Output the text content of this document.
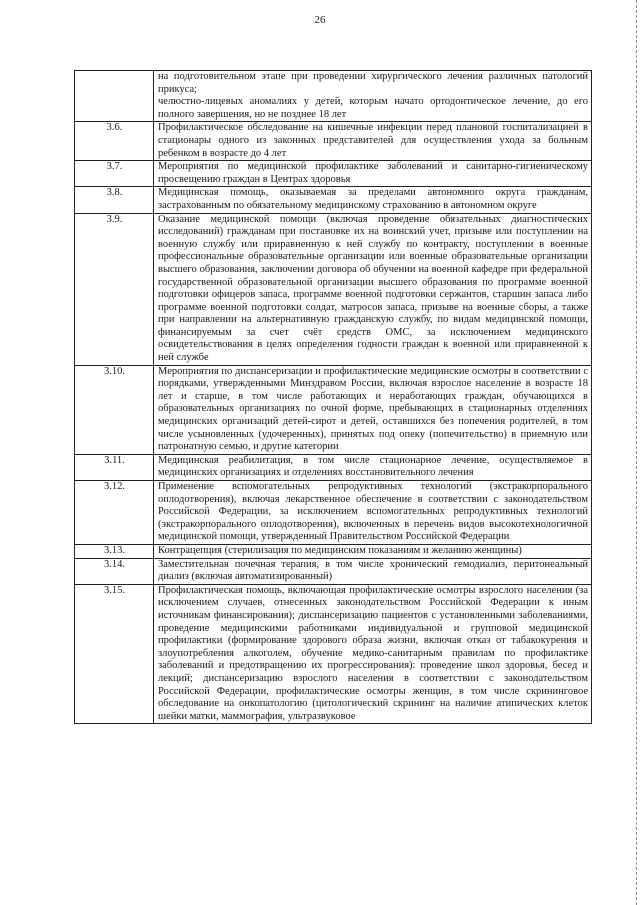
26

	на подготовительном этапе при проведении хирургического лечения различных патологий прикуса;

челюстно-лицевых аномалиях у детей, которым начато ортодонтическое лечение, до его полного завершения, но не позднее 18 лет

3.6.	Профилактическое обследование на кишечные инфекции перед плановой госпитализацией в стационары одного из законных представителей для осуществления ухода за больным ребенком в возрасте до 4 лет

3.7.	Мероприятия по медицинской профилактике заболеваний и санитарно-гигиеническому просвещению граждан в Центрах здоровья

3.8.	Медицинская помощь, оказываемая за пределами автономного округа гражданам, застрахованным по обязательному медицинскому страхованию в автономном округе

3.9.	Оказание медицинской помощи (включая проведение обязательных диагностических исследований) гражданам при постановке их на воинский учет, призыве или поступлении на военную службу или приравненную к ней службу по контракту, поступлении в военные профессиональные образовательные организации или военные образовательные организации высшего образования, заключении договора об обучении на военной кафедре при федеральной государственной образовательной организации высшего образования по программе военной подготовки офицеров запаса, программе военной подготовки сержантов, старшин запаса либо программе военной подготовки солдат, матросов запаса, призыве на военные сборы, а также при направлении на альтернативную гражданскую службу, по видам медицинской помощи, финансируемым за счет счёт средств ОМС, за исключением медицинского освидетельствования в целях определения годности граждан к военной или приравненной к ней службе

3.10.	Мероприятия по диспансеризации и профилактические медицинские осмотры в соответствии с порядками, утвержденными Минздравом России, включая взрослое население в возрасте 18 лет и старше, в том числе работающих и неработающих граждан, обучающихся в образовательных организациях по очной форме, пребывающих в стационарных отделениях медицинских организаций детей-сирот и детей, оставшихся без попечения родителей, в том числе усыновленных (удочеренных), принятых под опеку (попечительство) в приемную или патронатную семью, и другие категории

3.11.	Медицинская реабилитация, в том числе стационарное лечение, осуществляемое в медицинских организациях и отделениях восстановительного лечения

3.12.	Применение вспомогательных репродуктивных технологий (экстракорпорального оплодотворения), включая лекарственное обеспечение в соответствии с законодательством Российской Федерации, за исключением вспомогательных репродуктивных технологий (экстракорпорального оплодотворения), включенных в перечень видов высокотехнологичной медицинской помощи, утвержденный Правительством Российской Федерации

3.13.	Контрацепция (стерилизация по медицинским показаниям и желанию женщины)

3.14.	Заместительная почечная терапия, в том числе хронический гемодиализ, перитонеальный диализ (включая автоматизированный)

3.15.	Профилактическая помощь, включающая профилактические осмотры взрослого населения (за исключением случаев, отнесенных законодательством Российской Федерации к иным источникам финансирования); диспансеризацию пациентов с установленными заболеваниями, проведение медицинскими работниками индивидуальной и групповой медицинской профилактики (формирование здорового образа жизни, включая отказ от табакокурения и злоупотребления алкоголем, обучение медико-санитарным правилам по профилактике заболеваний и предотвращению их прогрессирования): проведение школ здоровья, бесед и лекций; диспансеризацию взрослого населения в соответствии с законодательством Российской Федерации, профилактические осмотры женщин, в том числе скрининговое обследование на онкопатологию (цитологический скрининг на наличие атипических клеток шейки матки, маммография, ультразвуковое
